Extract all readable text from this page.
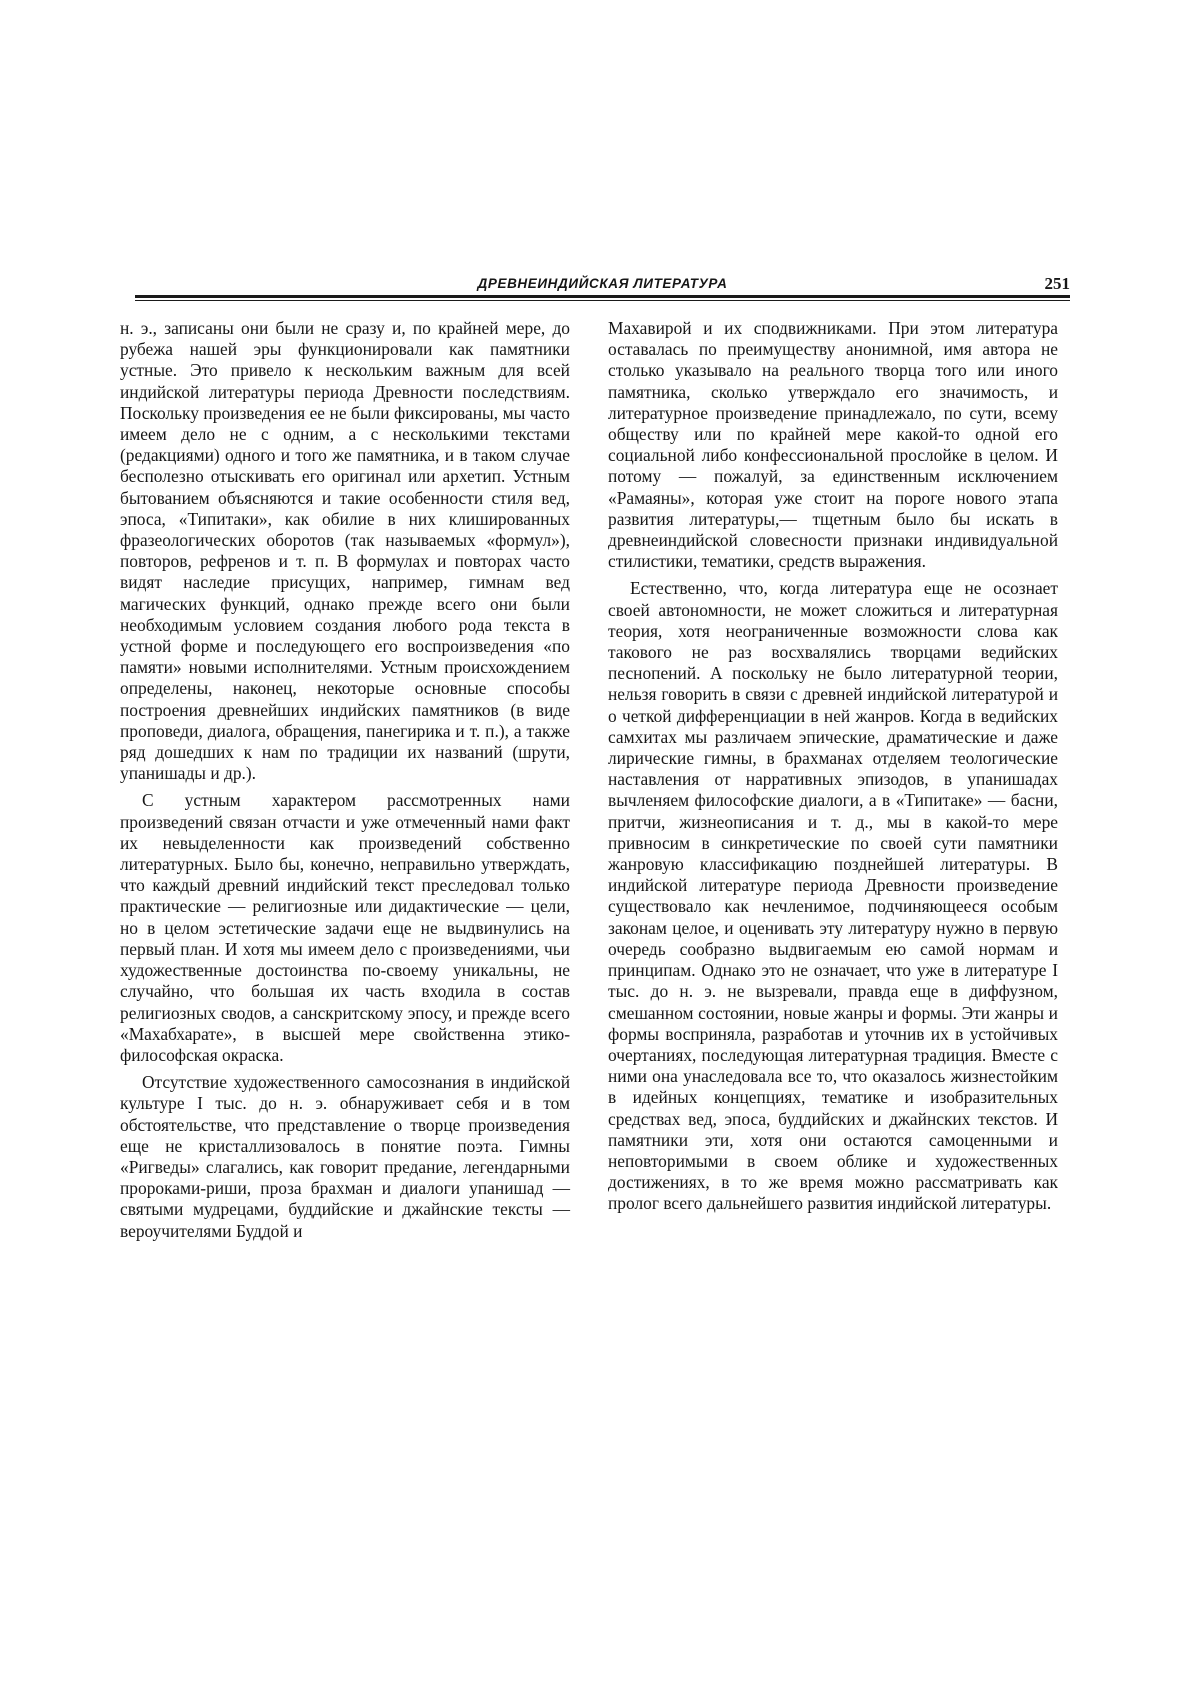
ДРЕВНЕИНДИЙСКАЯ ЛИТЕРАТУРА	251

н. э., записаны они были не сразу и, по крайней мере, до рубежа нашей эры функционировали как памятники устные. Это привело к нескольким важным для всей индийской литературы периода Древности последствиям. Поскольку произведения ее не были фиксированы, мы часто имеем дело не с одним, а с несколькими текстами (редакциями) одного и того же памятника, и в таком случае бесполезно отыскивать его оригинал или архетип. Устным бытованием объясняются и такие особенности стиля вед, эпоса, «Типитаки», как обилие в них клишированных фразеологических оборотов (так называемых «формул»), повторов, рефренов и т. п. В формулах и повторах часто видят наследие присущих, например, гимнам вед магических функций, однако прежде всего они были необходимым условием создания любого рода текста в устной форме и последующего его воспроизведения «по памяти» новыми исполнителями. Устным происхождением определены, наконец, некоторые основные способы построения древнейших индийских памятников (в виде проповеди, диалога, обращения, панегирика и т. п.), а также ряд дошедших к нам по традиции их названий (шрути, упанишады и др.).

С устным характером рассмотренных нами произведений связан отчасти и уже отмеченный нами факт их невыделенности как произведений собственно литературных. Было бы, конечно, неправильно утверждать, что каждый древний индийский текст преследовал только практические — религиозные или дидактические — цели, но в целом эстетические задачи еще не выдвинулись на первый план. И хотя мы имеем дело с произведениями, чьи художественные достоинства по-своему уникальны, не случайно, что большая их часть входила в состав религиозных сводов, а санскритскому эпосу, и прежде всего «Махабхарате», в высшей мере свойственна этико-философская окраска.

Отсутствие художественного самосознания в индийской культуре I тыс. до н. э. обнаруживает себя и в том обстоятельстве, что представление о творце произведения еще не кристаллизовалось в понятие поэта. Гимны «Ригведы» слагались, как говорит предание, легендарными пророками-риши, проза брахман и диалоги упанишад — святыми мудрецами, буддийские и джайнские тексты — вероучителями Буддой и

Махавирой и их сподвижниками. При этом литература оставалась по преимуществу анонимной, имя автора не столько указывало на реального творца того или иного памятника, сколько утверждало его значимость, и литературное произведение принадлежало, по сути, всему обществу или по крайней мере какой-то одной его социальной либо конфессиональной прослойке в целом. И потому — пожалуй, за единственным исключением «Рамаяны», которая уже стоит на пороге нового этапа развития литературы,— тщетным было бы искать в древнеиндийской словесности признаки индивидуальной стилистики, тематики, средств выражения.

Естественно, что, когда литература еще не осознает своей автономности, не может сложиться и литературная теория, хотя неограниченные возможности слова как такового не раз восхвалялись творцами ведийских песнопений. А поскольку не было литературной теории, нельзя говорить в связи с древней индийской литературой и о четкой дифференциации в ней жанров. Когда в ведийских самхитах мы различаем эпические, драматические и даже лирические гимны, в брахманах отделяем теологические наставления от нарративных эпизодов, в упанишадах вычленяем философские диалоги, а в «Типитаке» — басни, притчи, жизнеописания и т. д., мы в какой-то мере привносим в синкретические по своей сути памятники жанровую классификацию позднейшей литературы. В индийской литературе периода Древности произведение существовало как нечленимое, подчиняющееся особым законам целое, и оценивать эту литературу нужно в первую очередь сообразно выдвигаемым ею самой нормам и принципам. Однако это не означает, что уже в литературе I тыс. до н. э. не вызревали, правда еще в диффузном, смешанном состоянии, новые жанры и формы. Эти жанры и формы восприняла, разработав и уточнив их в устойчивых очертаниях, последующая литературная традиция. Вместе с ними она унаследовала все то, что оказалось жизнестойким в идейных концепциях, тематике и изобразительных средствах вед, эпоса, буддийских и джайнских текстов. И памятники эти, хотя они остаются самоценными и неповторимыми в своем облике и художественных достижениях, в то же время можно рассматривать как пролог всего дальнейшего развития индийской литературы.
